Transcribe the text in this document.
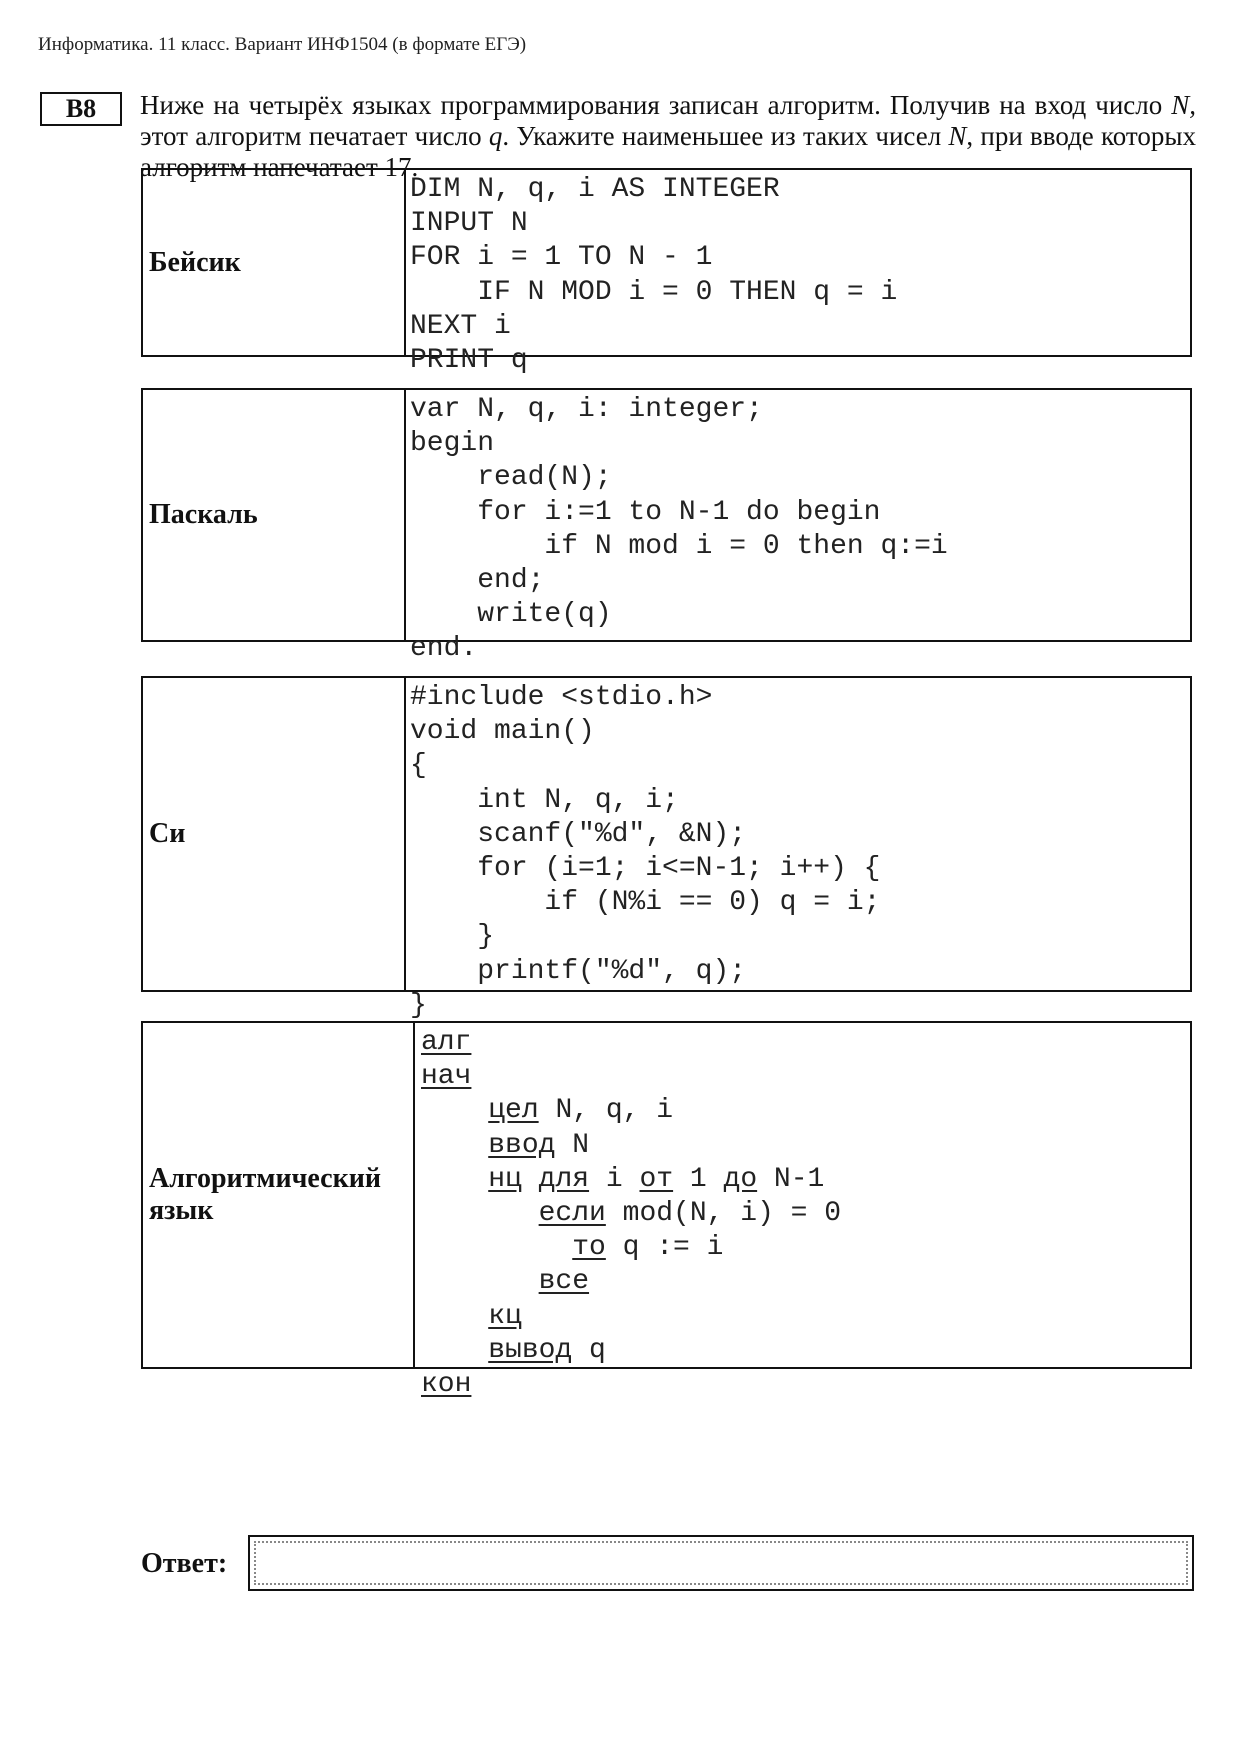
Информатика. 11 класс. Вариант ИНФ1504 (в формате ЕГЭ)
B8	Ниже на четырёх языках программирования записан алгоритм. Получив на вход число N, этот алгоритм печатает число q. Укажите наименьшее из таких чисел N, при вводе которых алгоритм напечатает 17.
Бейсик
DIM N, q, i AS INTEGER
INPUT N
FOR i = 1 TO N - 1
IF N MOD i = 0 THEN q = i
NEXT i
PRINT q
Паскаль
var N, q, i: integer;
begin
read(N);
for i:=1 to N-1 do begin
if N mod i = 0 then q:=i
end;
write(q)
end.
Си
#include <stdio.h>
void main()
{
int N, q, i;
scanf("%d", &N);
for (i=1; i<=N-1; i++) {
if (N%i == 0) q = i;
}
printf("%d", q);
}
Алгоритмический
язык
алг
нач
цел N, q, i
ввод N
нц для i от 1 до N-1
если mod(N, i) = 0
то q := i
все
кц
вывод q
кон
Ответ:
